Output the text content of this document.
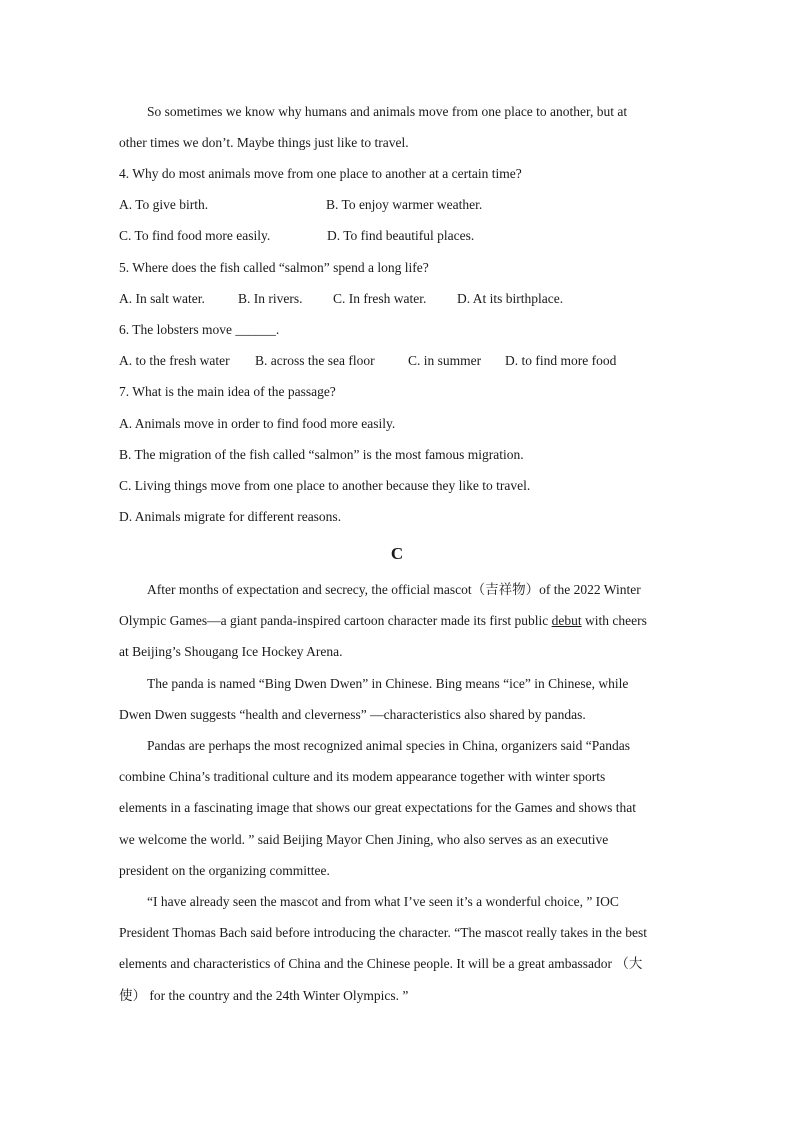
So sometimes we know why humans and animals move from one place to another, but at
other times we don’t. Maybe things just like to travel.
4. Why do most animals move from one place to another at a certain time?
A. To give birth.	B. To enjoy warmer weather.
C. To find food more easily.	D. To find beautiful places.
5. Where does the fish called “salmon” spend a long life?
A. In salt water. B. In rivers. C. In fresh water. D. At its birthplace.
6. The lobsters move ______.
A. to the fresh water B. across the sea floor C. in summer D. to find more food
7. What is the main idea of the passage?
A. Animals move in order to find food more easily.
B. The migration of the fish called “salmon” is the most famous migration.
C. Living things move from one place to another because they like to travel.
D. Animals migrate for different reasons.
C
After months of expectation and secrecy, the official mascot（吉祥物）of the 2022 Winter
Olympic Games—a giant panda-inspired cartoon character made its first public debut with cheers
at Beijing’s Shougang Ice Hockey Arena.
The panda is named “Bing Dwen Dwen” in Chinese. Bing means “ice” in Chinese, while
Dwen Dwen suggests “health and cleverness” —characteristics also shared by pandas.
Pandas are perhaps the most recognized animal species in China, organizers said “Pandas
combine China’s traditional culture and its modem appearance together with winter sports
elements in a fascinating image that shows our great expectations for the Games and shows that
we welcome the world. ” said Beijing Mayor Chen Jining, who also serves as an executive
president on the organizing committee.
“I have already seen the mascot and from what I’ve seen it’s a wonderful choice, ” IOC
President Thomas Bach said before introducing the character. “The mascot really takes in the best
elements and characteristics of China and the Chinese people. It will be a great ambassador （大
使） for the country and the 24th Winter Olympics. ”
